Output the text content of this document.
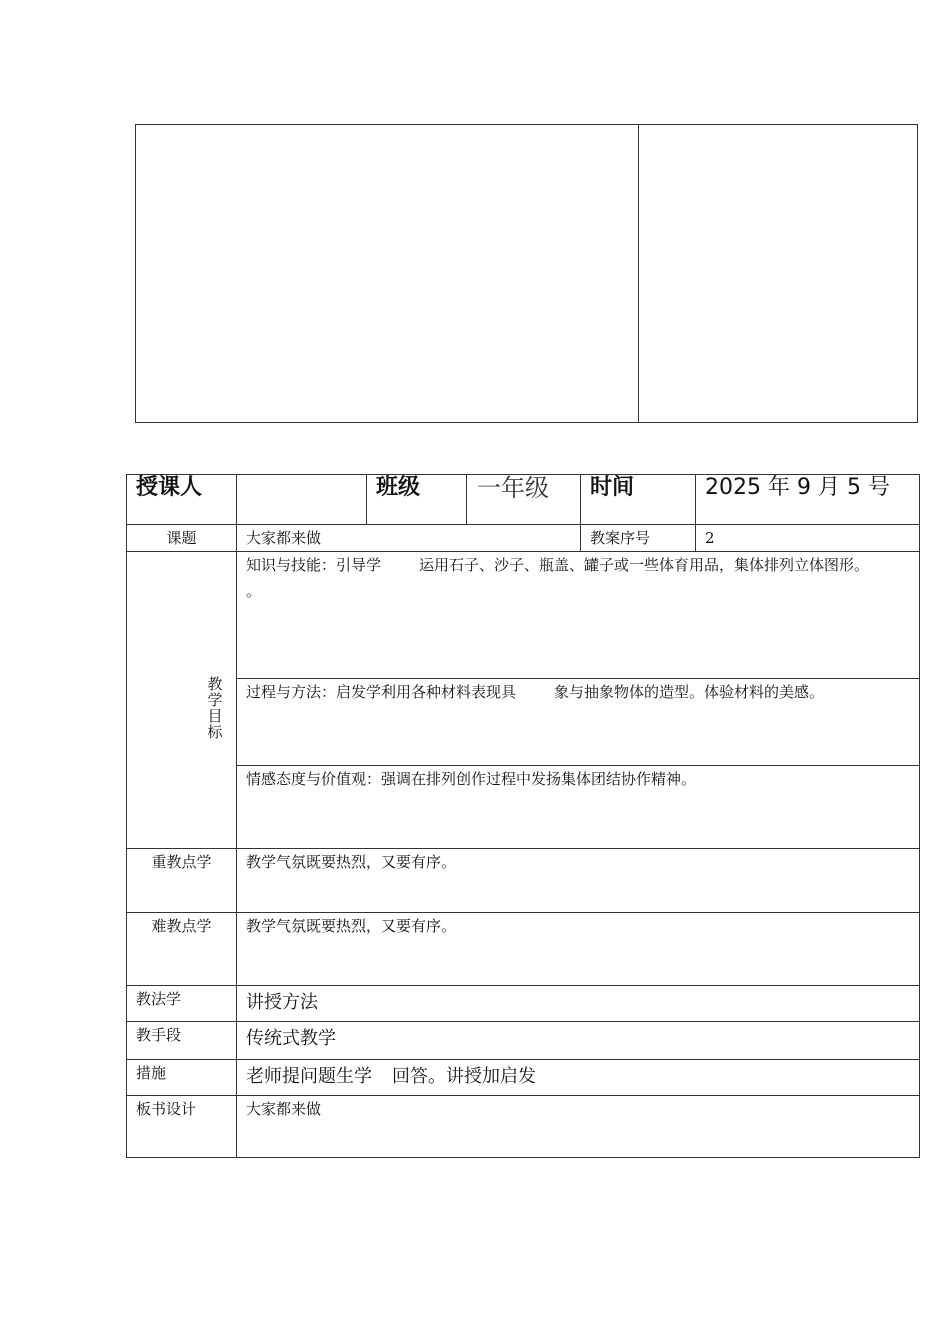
授课人		班级	一年级	时间	2025 年 9 月 5 号
课题	大家都来做			教案序号	2

教学目标	知识与技能：引导学 运用石子、沙子、瓶盖、罐子或一些体育用品，集体排列立体图形。
。				
	过程与方法：启发学利用各种材料表现具 象与抽象物体的造型。体验材料的美感。				
	情感态度与价值观：强调在排列创作过程中发扬集体团结协作精神。				
重教点学	教学气氛既要热烈，又要有序。				
难教点学	教学气氛既要热烈，又要有序。				
教法学	讲授方法				
教手段	传统式教学				
措施	老师提问题生学 回答。讲授加启发				
板书设计	大家都来做				
